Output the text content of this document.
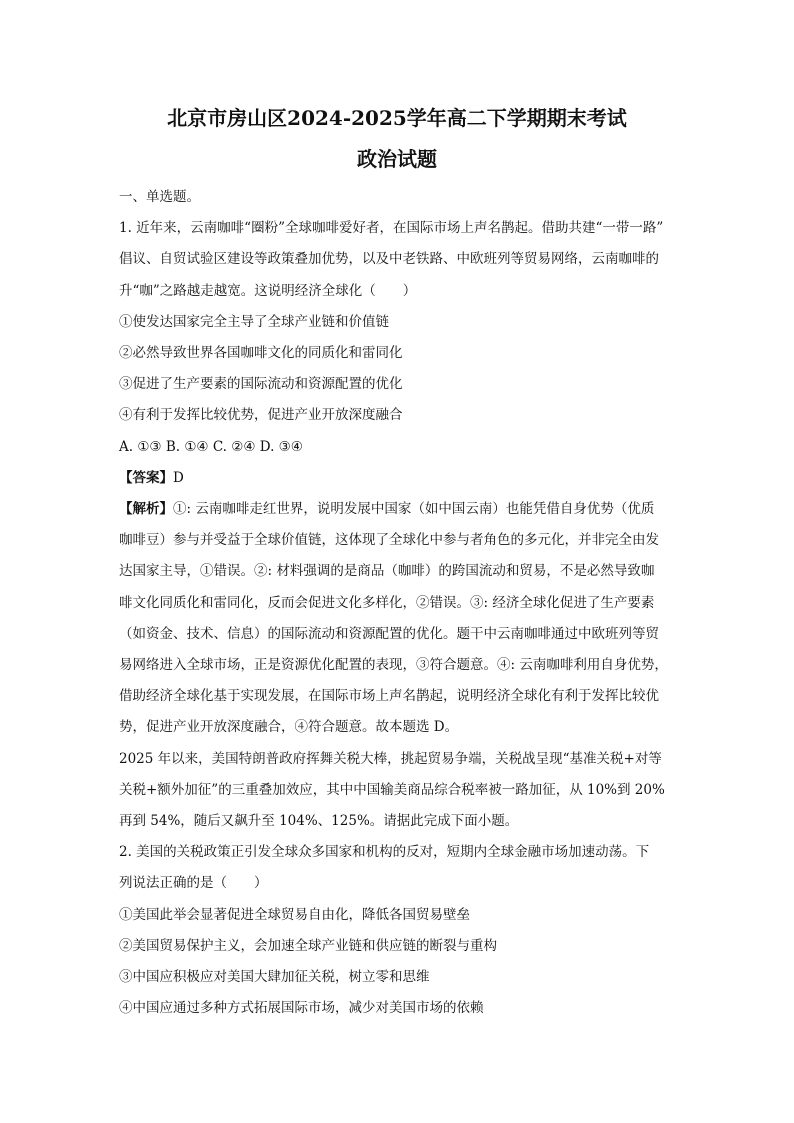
北京市房山区2024-2025学年高二下学期期末考试
政治试题

一、单选题。

1. 近年来，云南咖啡“圈粉”全球咖啡爱好者，在国际市场上声名鹊起。借助共建“一带一路”

倡议、自贸试验区建设等政策叠加优势，以及中老铁路、中欧班列等贸易网络，云南咖啡的

升“咖”之路越走越宽。这说明经济全球化（　　）

①使发达国家完全主导了全球产业链和价值链

②必然导致世界各国咖啡文化的同质化和雷同化

③促进了生产要素的国际流动和资源配置的优化

④有利于发挥比较优势，促进产业开放深度融合

A. ①③ B. ①④ C. ②④ D. ③④

【答案】D

【解析】①: 云南咖啡走红世界，说明发展中国家（如中国云南）也能凭借自身优势（优质

咖啡豆）参与并受益于全球价值链，这体现了全球化中参与者角色的多元化，并非完全由发

达国家主导，①错误。②: 材料强调的是商品（咖啡）的跨国流动和贸易，不是必然导致咖

啡文化同质化和雷同化，反而会促进文化多样化，②错误。③: 经济全球化促进了生产要素

（如资金、技术、信息）的国际流动和资源配置的优化。题干中云南咖啡通过中欧班列等贸

易网络进入全球市场，正是资源优化配置的表现，③符合题意。④: 云南咖啡利用自身优势，

借助经济全球化基于实现发展，在国际市场上声名鹊起，说明经济全球化有利于发挥比较优

势，促进产业开放深度融合，④符合题意。故本题选 D。

2025 年以来，美国特朗普政府挥舞关税大棒，挑起贸易争端，关税战呈现“基准关税+对等

关税+额外加征”的三重叠加效应，其中中国输美商品综合税率被一路加征，从 10%到 20%

再到 54%，随后又飙升至 104%、125%。请据此完成下面小题。

2. 美国的关税政策正引发全球众多国家和机构的反对，短期内全球金融市场加速动荡。下

列说法正确的是（　　）

①美国此举会显著促进全球贸易自由化，降低各国贸易壁垒

②美国贸易保护主义，会加速全球产业链和供应链的断裂与重构

③中国应积极应对美国大肆加征关税，树立零和思维

④中国应通过多种方式拓展国际市场，减少对美国市场的依赖
